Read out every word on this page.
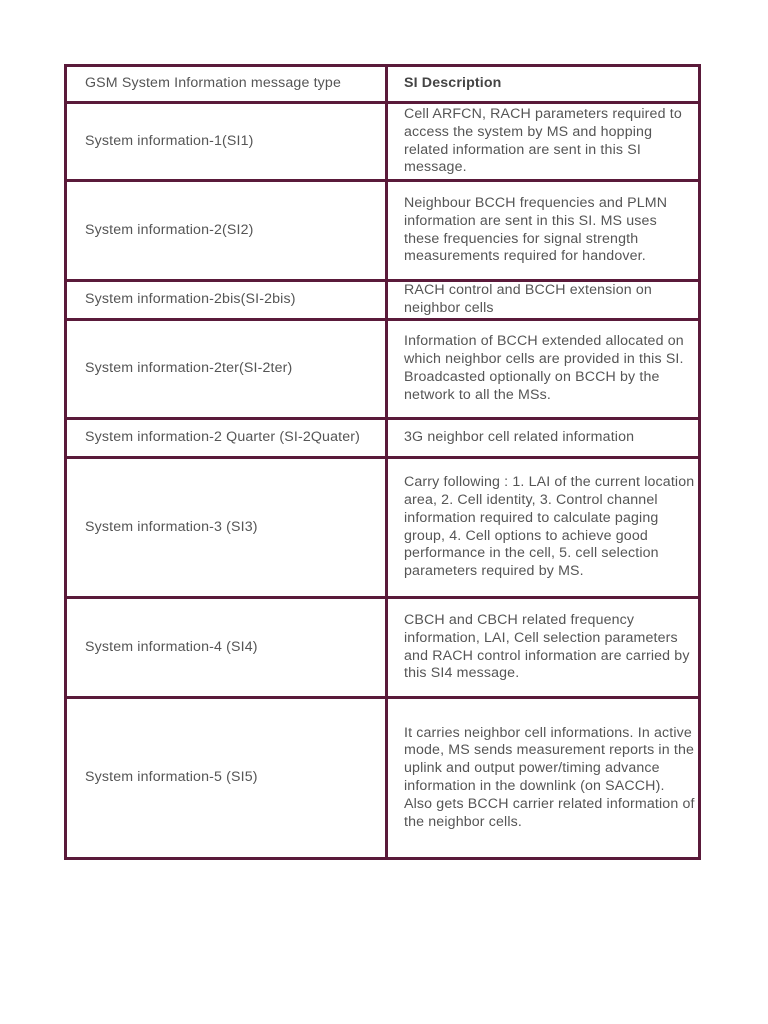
GSM System Information message type	SI Description
System information-1(SI1)	Cell ARFCN, RACH parameters required to access the system by MS and hopping related information are sent in this SI message.
System information-2(SI2)	Neighbour BCCH frequencies and PLMN information are sent in this SI. MS uses these frequencies for signal strength measurements required for handover.
System information-2bis(SI-2bis)	RACH control and BCCH extension on neighbor cells
System information-2ter(SI-2ter)	Information of BCCH extended allocated on which neighbor cells are provided in this SI. Broadcasted optionally on BCCH by the network to all the MSs.
System information-2 Quarter (SI-2Quater)	3G neighbor cell related information
System information-3 (SI3)	Carry following : 1. LAI of the current location area, 2. Cell identity, 3. Control channel information required to calculate paging group, 4. Cell options to achieve good performance in the cell, 5. cell selection parameters required by MS.
System information-4 (SI4)	CBCH and CBCH related frequency information, LAI, Cell selection parameters and RACH control information are carried by this SI4 message.
System information-5 (SI5)	It carries neighbor cell informations. In active mode, MS sends measurement reports in the uplink and output power/timing advance information in the downlink (on SACCH). Also gets BCCH carrier related information of the neighbor cells.
